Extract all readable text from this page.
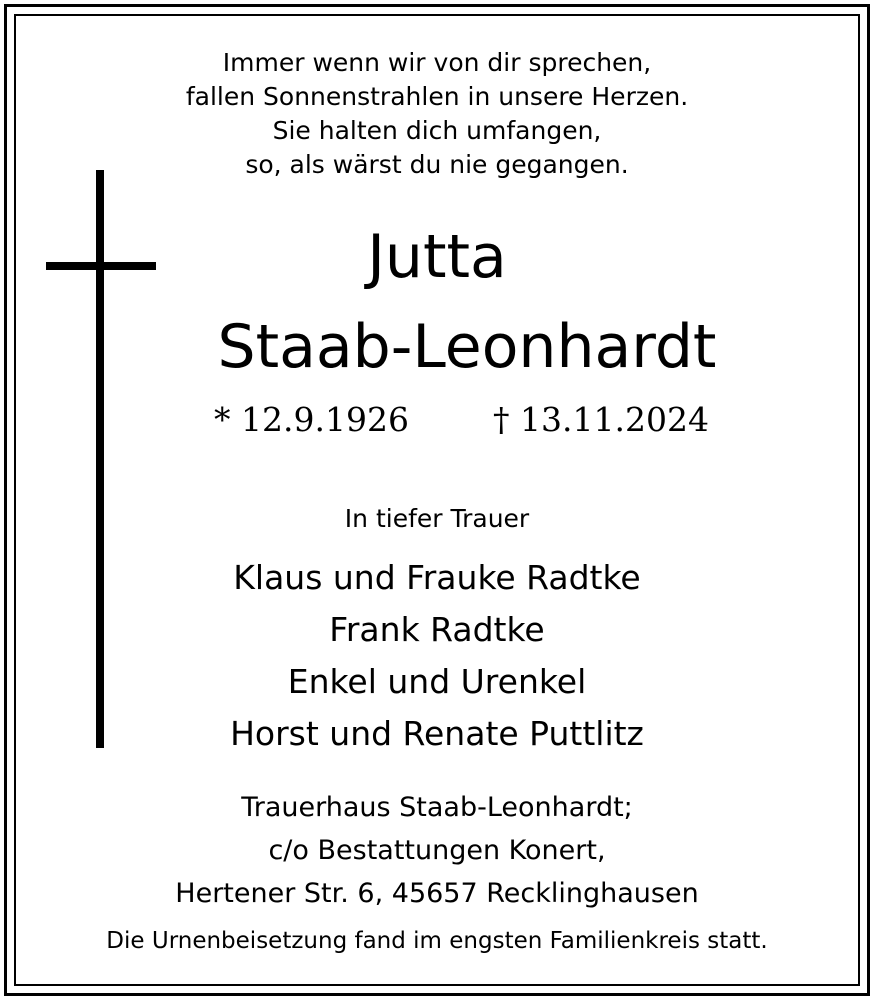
Immer wenn wir von dir sprechen,
fallen Sonnenstrahlen in unsere Herzen.
Sie halten dich umfangen,
so, als wärst du nie gegangen.
Jutta
Staab-Leonhardt
* 12.9.1926	† 13.11.2024
In tiefer Trauer
Klaus und Frauke Radtke
Frank Radtke
Enkel und Urenkel
Horst und Renate Puttlitz
Trauerhaus Staab-Leonhardt;
c/o Bestattungen Konert,
Hertener Str. 6, 45657 Recklinghausen
Die Urnenbeisetzung fand im engsten Familienkreis statt.
